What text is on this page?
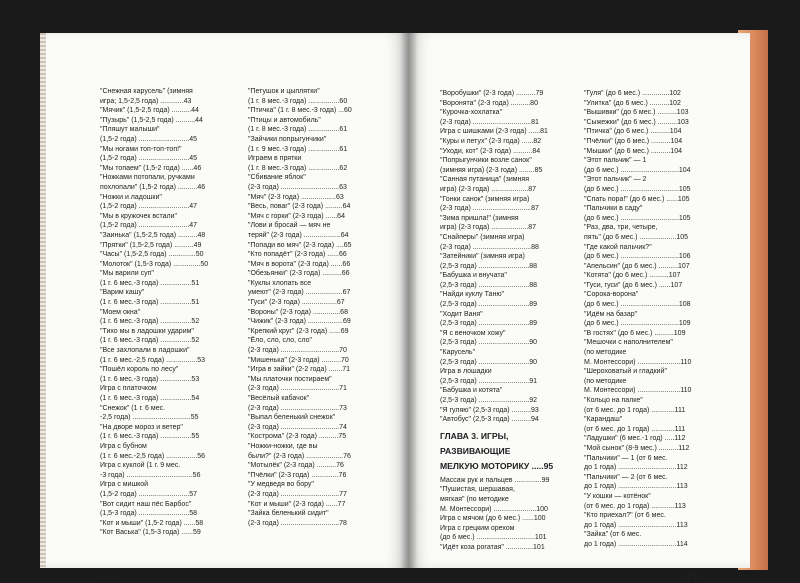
"Снежная карусель" (зимняя
игра; 1,5-2,5 года) ............43
"Мячик" (1,5-2,5 года) ..........44
"Пузырь" (1,5-2,5 года) ..........44
"Пляшут малыши"
(1,5-2 года) ..........................45
"Мы ногами топ-топ-топ!"
(1,5-2 года) ..........................45
"Мы топаем" (1,5-2 года) ......46
"Ножками потопали, ручками
похлопали" (1,5-2 года) ..........46
"Ножки и ладошки"
(1,5-2 года) ..........................47
"Мы в кружочек встали"
(1,5-2 года) ..........................47
"Заинька" (1,5-2,5 года) ..........48
"Прятки" (1,5-2,5 года) ..........49
"Часы" (1,5-2,5 года) ..............50
"Молоток" (1,5-3 года) ..............50
"Мы варили суп"
(1 г. 6 мес.-3 года) ................51
"Варим кашу"
(1 г. 6 мес.-3 года) ................51
"Моем окна"
(1 г. 6 мес.-3 года) ................52
"Тихо мы в ладошки ударим"
(1 г. 6 мес.-3 года) ................52
"Все захлопали в ладошки"
(1 г. 6 мес.-2,5 года) ................53
"Пошёл король по лесу"
(1 г. 6 мес.-3 года) ................53
Игра с платочком
(1 г. 6 мес.-3 года) ................54
"Снежок" (1 г. 6 мес.
-2,5 года) ..............................55
"На дворе мороз и ветер"
(1 г. 6 мес.-3 года) ................55
Игра с бубном
(1 г. 6 мес.-2,5 года) ................56
Игра с куклой (1 г. 9 мес.
-3 года) ..................................56
Игра с мишкой
(1,5-2 года) ..........................57
"Вот сидит наш пёс Барбос"
(1,5-3 года) ..........................58
"Кот и мыши" (1,5-2 года) ......58
"Кот Васька" (1,5-3 года) ......59
"Петушок и цыплятки"
(1 г. 8 мес.-3 года) ................60
"Птичка" (1 г. 8 мес.-3 года) ...60
"Птицы и автомобиль"
(1 г. 8 мес.-3 года) ................61
"Зайчики попрыгунчики"
(1 г. 9 мес.-3 года) ................61
Играем в прятки
(1 г. 8 мес.-3 года) ................62
"Сбивание яблок"
(2-3 года) ..............................63
"Мяч" (2-3 года) ..................63
"Весь, поваг" (2-3 года) .........64
"Мяч с горки" (2-3 года) ......64
"Лови и бросай — мяч не
теряй" (2-3 года) ...................64
"Попади во мяч" (2-3 года) ....65
"Кто попадёт" (2-3 года) ......66
"Мяч в ворота" (2-3 года) ......66
"Обезьянки" (2-3 года) ..........66
"Куклы хлопать все
умеют" (2-3 года) ...................67
"Гуси" (2-3 года) ..................67
"Вороны" (2-3 года) ..............68
"Чижик" (2-3 года) ..................69
"Крепкий круг" (2-3 года) ......69
"Ёло, сло, сло, сло"
(2-3 года) ..............................70
"Мишенька" (2-3 года) ..........70
"Игра в зайки" (2-2 года) .......71
"Мы платочки постираем"
(2-3 года) ..............................71
"Весёлый кабачок"
(2-3 года) ..............................73
"Выпал беленький снежок"
(2-3 года) ..............................74
"Кострома" (2-3 года) ..........75
"Ножки-ножки, где вы
были?" (2-3 года) ...................76
"Мотылёк" (2-3 года) ..........76
"Пчёлки" (2-3 года) ..............76
"У медведя во бору"
(2-3 года) ..............................77
"Кот и мыши" (2-3 года) ......77
"Зайка беленький сидит"
(2-3 года) ..............................78
378
"Воробушки" (2-3 года) ..........79
"Воронята" (2-3 года) ..........80
"Курочка-хохлатка"
(2-3 года) ..............................81
Игра с шишками (2-3 года) ......81
"Куры и петух" (2-3 года) ......82
"Уходи, кот" (2-3 года) ..........84
"Попрыгунчики возле санок"
(зимняя игра) (2-3 года) ........85
"Санная путаница" (зимняя
игра) (2-3 года) ...................87
"Гонки санок" (зимняя игра)
(2-3 года) ..............................87
"Зима пришла!" (зимняя
игра) (2-3 года) ...................87
"Снайперы" (зимняя игра)
(2-3 года) ..............................88
"Затейники" (зимняя игра)
(2,5-3 года) ..........................88
"Бабушка и внучата"
(2,5-3 года) ..........................88
"Найди куклу Таню"
(2,5-3 года) ..........................89
"Ходит Ваня"
(2,5-3 года) ..........................89
"Я с веночком хожу"
(2,5-3 года) ..........................90
"Карусель"
(2,5-3 года) ..........................90
Игра в лошадки
(2,5-3 года) ..........................91
"Бабушка и котята"
(2,5-3 года) ..........................92
"Я гуляю" (2,5-3 года) ..........93
"Автобус" (2,5-3 года) ..........94
ГЛАВА 3. ИГРЫ,
РАЗВИВАЮЩИЕ
МЕЛКУЮ МОТОРИКУ .....95
Массаж рук и пальцев ..............99
"Пушистая, шершавая,
мягкая" (по методике
М. Монтессори) ......................100
Игра с мячом (до 6 мес.) ......100
Игра с грецким орехом
(до 6 мес.) ..............................101
"Идёт коза рогатая" ..............101
"Гуля" (до 6 мес.) ..............102
"Улитка" (до 6 мес.) ..........102
"Вышивки" (до 6 мес.) ..........103
"Сыжежки" (до 6 мес.) ..........103
"Птичка" (до 6 мес.) ..........104
"Пчёлки" (до 6 мес.) ..........104
"Мышки" (до 6 мес.) ..........104
"Этот пальчик" — 1
(до 6 мес.) ..............................104
"Этот пальчик" — 2
(до 6 мес.) ..............................105
"Спать пора!" (до 6 мес.) ......105
"Пальчики в саду"
(до 6 мес.) ..............................105
"Раз, два, три, четыре,
пять" (до 6 мес.) ...................105
"Где какой пальчик?"
(до 6 мес.) ..............................106
"Апельсин" (до 6 мес.) ..........107
"Котята" (до 6 мес.) ..........107
"Гуси, гуси" (до 6 мес.) ......107
"Сорока-ворона"
(до 6 мес.) ..............................108
"Идём на базар"
(до 6 мес.) ..............................109
"В гостях" (до 6 мес.) ..........109
"Мешочки с наполнителем"
(по методике
М. Монтессори) ......................110
"Шероховатый и гладкий"
(по методике
М. Монтессори) ......................110
"Кольцо на палке"
(от 6 мес. до 1 года) ............111
"Карандаш"
(от 6 мес. до 1 года) ............111
"Ладушки" (6 мес.-1 год) .....112
"Мой сынок" (8-9 мес.) ..........112
"Пальчики" — 1 (от 6 мес.
до 1 года) ..............................112
"Пальчики" — 2 (от 6 мес.
до 1 года) ..............................113
"У кошки — котёнок"
(от 6 мес. до 1 года) ............113
"Кто приехал?" (от 6 мес.
до 1 года) ..............................113
"Зайка" (от 6 мес.
до 1 года) ..............................114
379
